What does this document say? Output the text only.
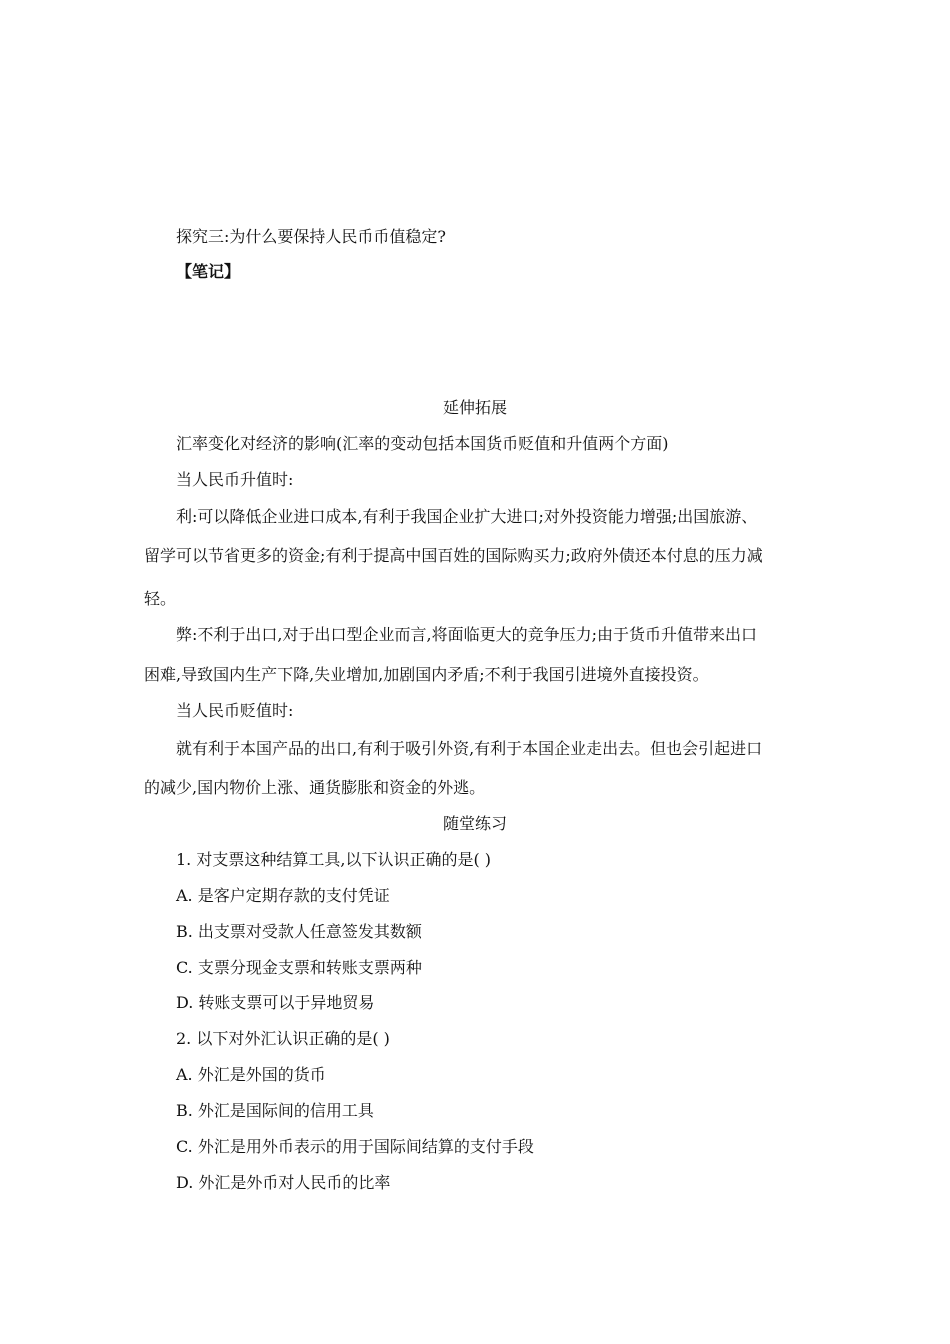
探究三:为什么要保持人民币币值稳定?
【笔记】
延伸拓展
汇率变化对经济的影响(汇率的变动包括本国货币贬值和升值两个方面)
当人民币升值时:
利:可以降低企业进口成本,有利于我国企业扩大进口;对外投资能力增强;出国旅游、
留学可以节省更多的资金;有利于提高中国百姓的国际购买力;政府外债还本付息的压力减
轻。
弊:不利于出口,对于出口型企业而言,将面临更大的竞争压力;由于货币升值带来出口
困难,导致国内生产下降,失业增加,加剧国内矛盾;不利于我国引进境外直接投资。
当人民币贬值时:
就有利于本国产品的出口,有利于吸引外资,有利于本国企业走出去。但也会引起进口
的减少,国内物价上涨、通货膨胀和资金的外逃。
随堂练习
1. 对支票这种结算工具,以下认识正确的是( )
A. 是客户定期存款的支付凭证
B. 出支票对受款人任意签发其数额
C. 支票分现金支票和转账支票两种
D. 转账支票可以于异地贸易
2. 以下对外汇认识正确的是( )
A. 外汇是外国的货币
B. 外汇是国际间的信用工具
C. 外汇是用外币表示的用于国际间结算的支付手段
D. 外汇是外币对人民币的比率
